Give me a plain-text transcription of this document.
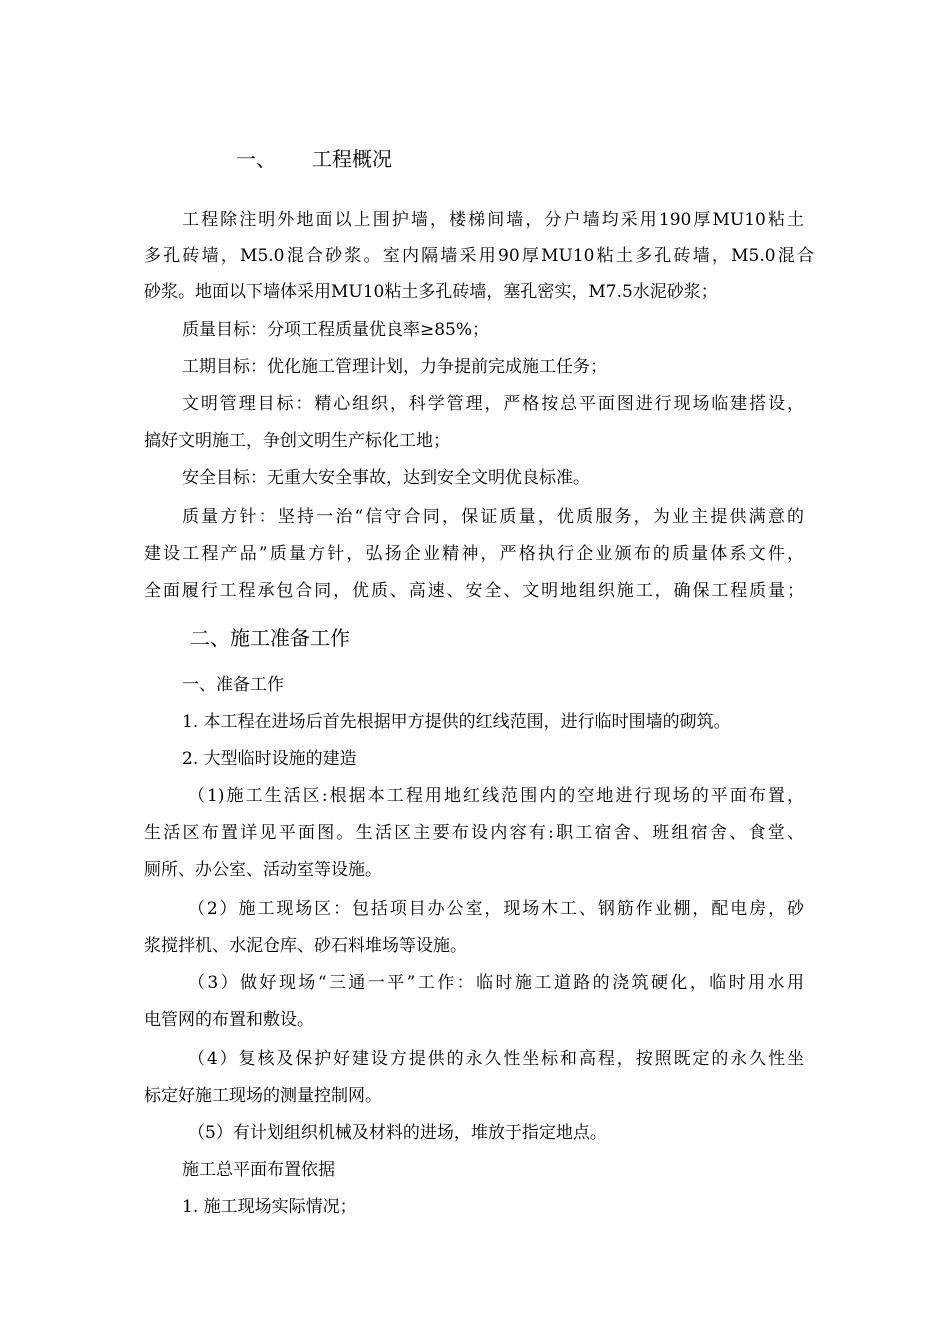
一、 工程概况
工程除注明外地面以上围护墙，楼梯间墙，分户墙均采用190厚MU10粘土
多孔砖墙，M5.0混合砂浆。室内隔墙采用90厚MU10粘土多孔砖墙，M5.0混合
砂浆。地面以下墙体采用MU10粘土多孔砖墙，塞孔密实，M7.5水泥砂浆；
质量目标：分项工程质量优良率≥85%；
工期目标：优化施工管理计划，力争提前完成施工任务；
文明管理目标：精心组织，科学管理，严格按总平面图进行现场临建搭设，
搞好文明施工，争创文明生产标化工地；
安全目标：无重大安全事故，达到安全文明优良标准。
质量方针：坚持一治“信守合同，保证质量，优质服务，为业主提供满意的
建设工程产品”质量方针，弘扬企业精神，严格执行企业颁布的质量体系文件，
全面履行工程承包合同，优质、高速、安全、文明地组织施工，确保工程质量；
二、施工准备工作
一、准备工作
1. 本工程在进场后首先根据甲方提供的红线范围，进行临时围墙的砌筑。
2. 大型临时设施的建造
（1)施工生活区:根据本工程用地红线范围内的空地进行现场的平面布置，
生活区布置详见平面图。生活区主要布设内容有:职工宿舍、班组宿舍、食堂、
厕所、办公室、活动室等设施。
（2）施工现场区：包括项目办公室，现场木工、钢筋作业棚，配电房，砂
浆搅拌机、水泥仓库、砂石料堆场等设施。
（3）做好现场“三通一平”工作：临时施工道路的浇筑硬化，临时用水用
电管网的布置和敷设。
（4）复核及保护好建设方提供的永久性坐标和高程，按照既定的永久性坐
标定好施工现场的测量控制网。
（5）有计划组织机械及材料的进场，堆放于指定地点。
施工总平面布置依据
1. 施工现场实际情况；
